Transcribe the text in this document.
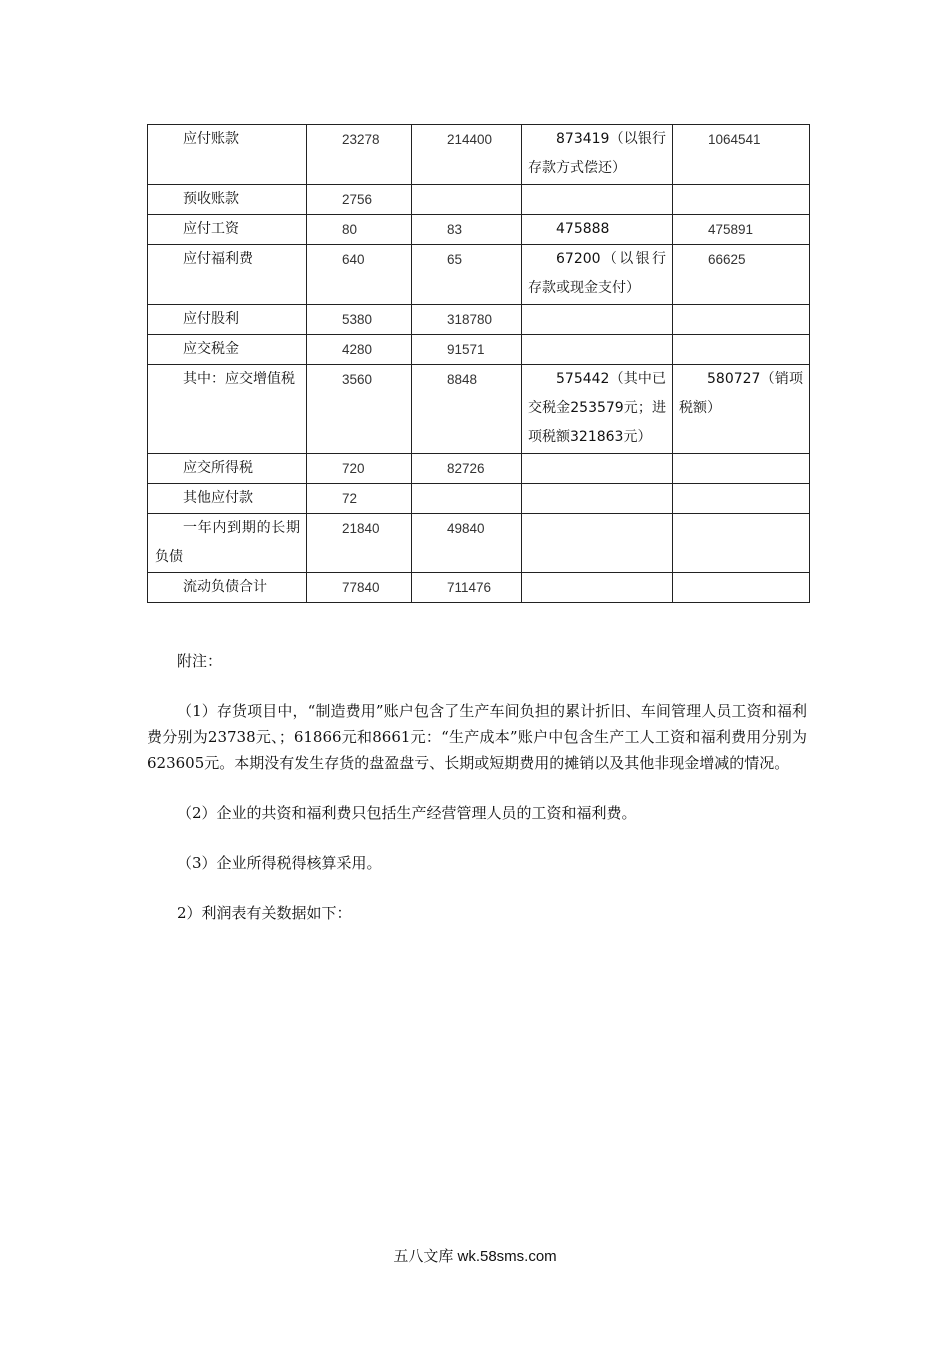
应付账款	23278	214400	873419（以银行存款方式偿还）	1064541

预收账款	2756		

应付工资	80	83	475888	475891

应付福利费	640	65	67200（以银行存款或现金支付）	66625

应付股利	5380	318780	

应交税金	4280	91571	

其中：应交增值税	3560	8848	575442（其中已交税金253579元；进项税额321863元）	580727（销项税额）

应交所得税	720	82726	

其他应付款	72		

一年内到期的长期负债	21840	49840	

流动负债合计	77840	711476	

附注：

（1）存货项目中，“制造费用”账户包含了生产车间负担的累计折旧、车间管理人员工资和福利费分别为23738元、；61866元和8661元：“生产成本”账户中包含生产工人工资和福利费用分别为623605元。本期没有发生存货的盘盈盘亏、长期或短期费用的摊销以及其他非现金增减的情况。

（2）企业的共资和福利费只包括生产经营管理人员的工资和福利费。

（3）企业所得税得核算采用。

2）利润表有关数据如下：

五八文库 wk.58sms.com
